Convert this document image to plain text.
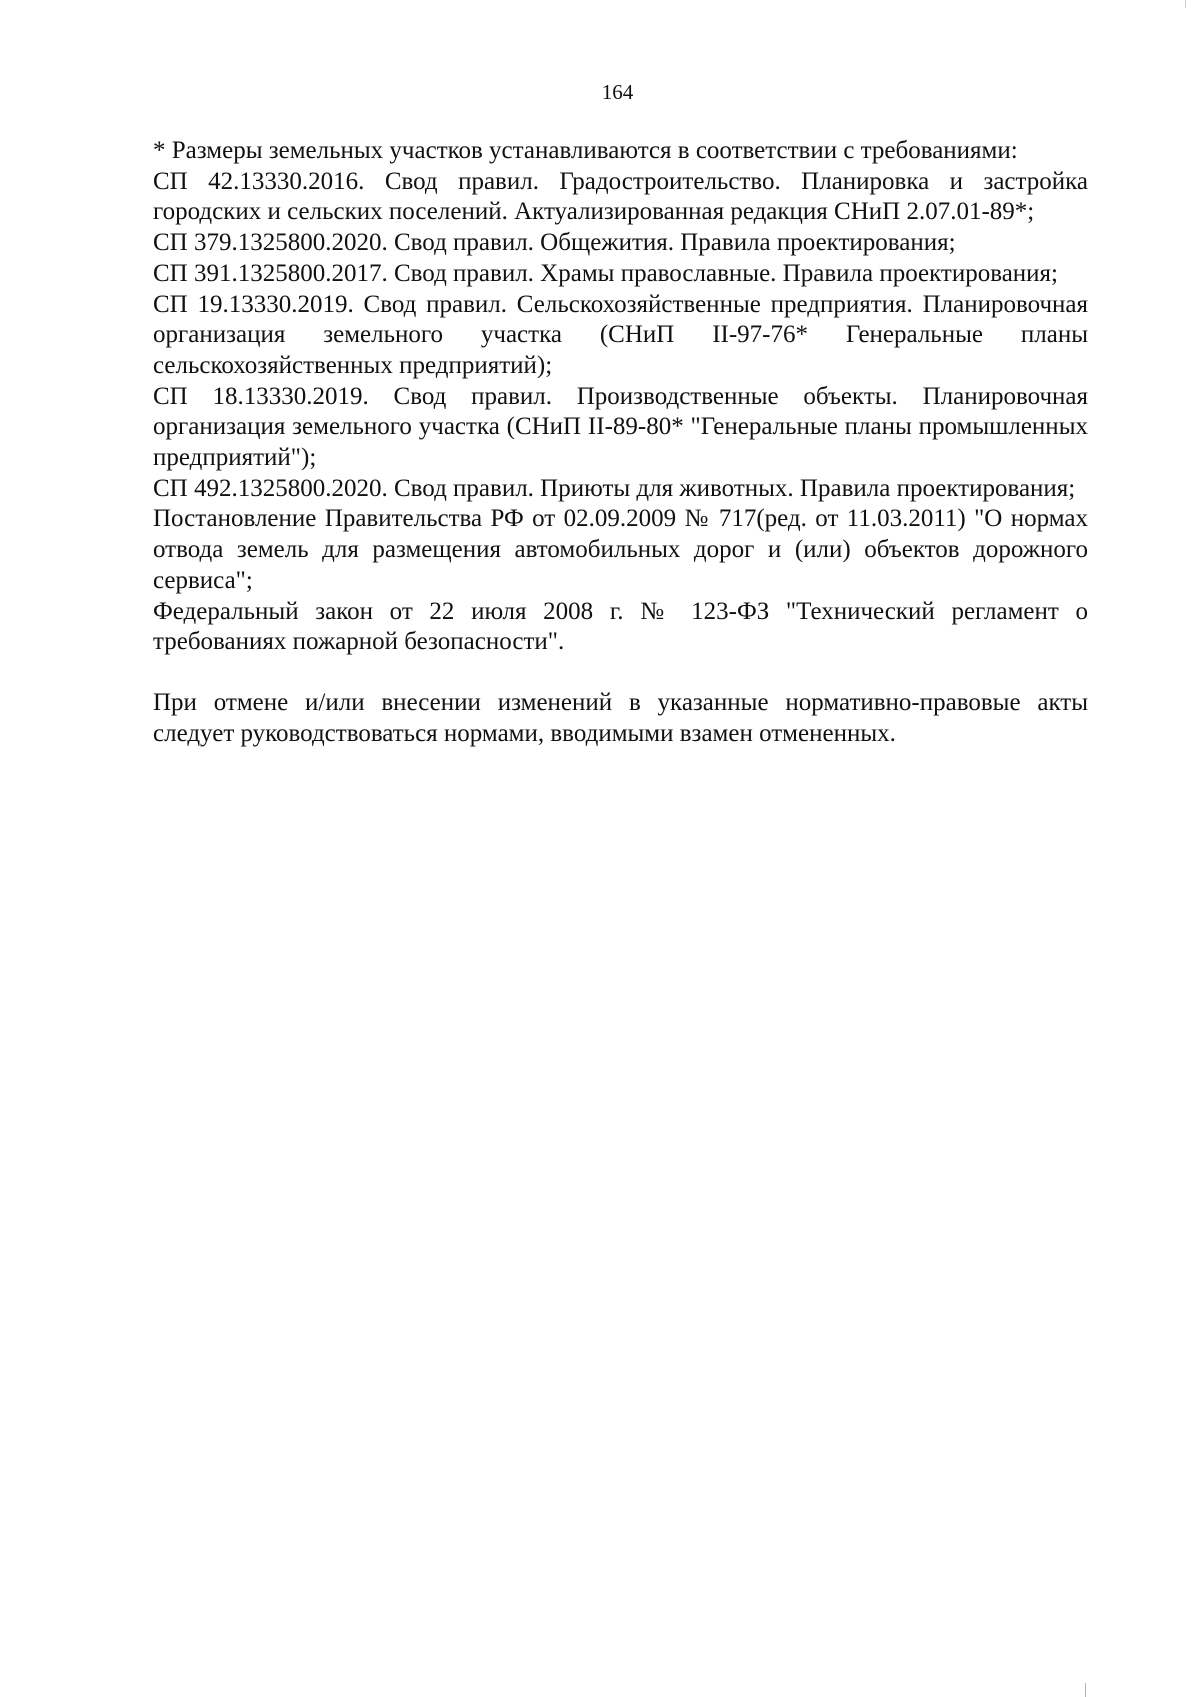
164

* Размеры земельных участков устанавливаются в соответствии с требованиями:

СП 42.13330.2016. Свод правил. Градостроительство. Планировка и застройка городских и сельских поселений. Актуализированная редакция СНиП 2.07.01-89*;

СП 379.1325800.2020. Свод правил. Общежития. Правила проектирования;

СП 391.1325800.2017. Свод правил. Храмы православные. Правила проектирования;

СП 19.13330.2019. Свод правил. Сельскохозяйственные предприятия. Планировочная организация земельного участка (СНиП II-97-76* Генеральные планы сельскохозяйственных предприятий);

СП 18.13330.2019. Свод правил. Производственные объекты. Планировочная организация земельного участка (СНиП II-89-80* "Генеральные планы промышленных предприятий");

СП 492.1325800.2020. Свод правил. Приюты для животных. Правила проектирования;

Постановление Правительства РФ от 02.09.2009 № 717(ред. от 11.03.2011) "О нормах отвода земель для размещения автомобильных дорог и (или) объектов дорожного сервиса";

Федеральный закон от 22 июля 2008 г. № 123-ФЗ "Технический регламент о требованиях пожарной безопасности".

При отмене и/или внесении изменений в указанные нормативно-правовые акты следует руководствоваться нормами, вводимыми взамен отмененных.
